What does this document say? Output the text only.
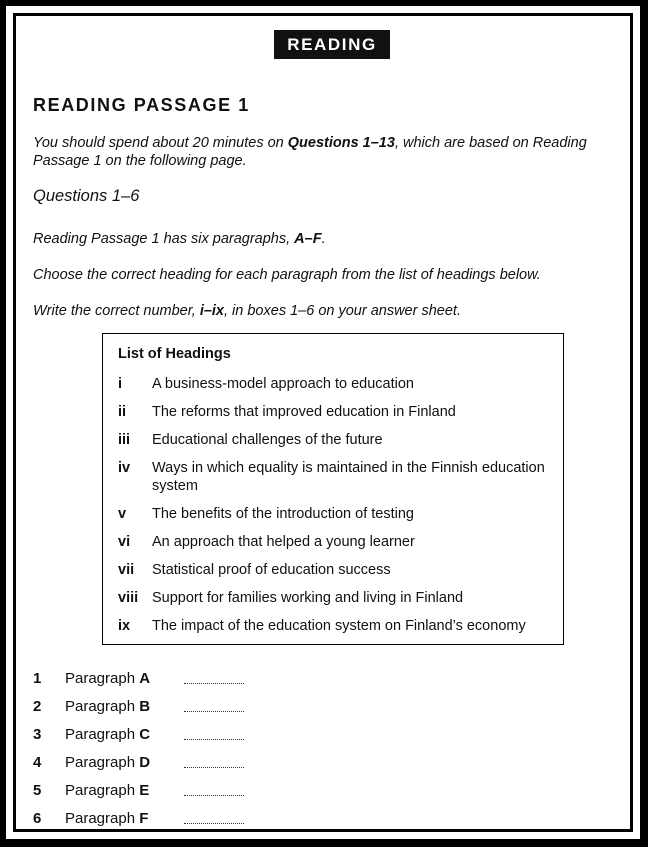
READING
READING PASSAGE 1

You should spend about 20 minutes on Questions 1–13, which are based on Reading Passage 1 on the following page.

Questions 1–6

Reading Passage 1 has six paragraphs, A–F.

Choose the correct heading for each paragraph from the list of headings below.

Write the correct number, i–ix, in boxes 1–6 on your answer sheet.

List of Headings
i	A business-model approach to education
ii	The reforms that improved education in Finland
iii	Educational challenges of the future
iv	Ways in which equality is maintained in the Finnish education system
v	The benefits of the introduction of testing
vi	An approach that helped a young learner
vii	Statistical proof of education success
viii Support for families working and living in Finland
ix	The impact of the education system on Finland’s economy
1 Paragraph A
2 Paragraph B
3 Paragraph C
4 Paragraph D
5 Paragraph E
6 Paragraph F
